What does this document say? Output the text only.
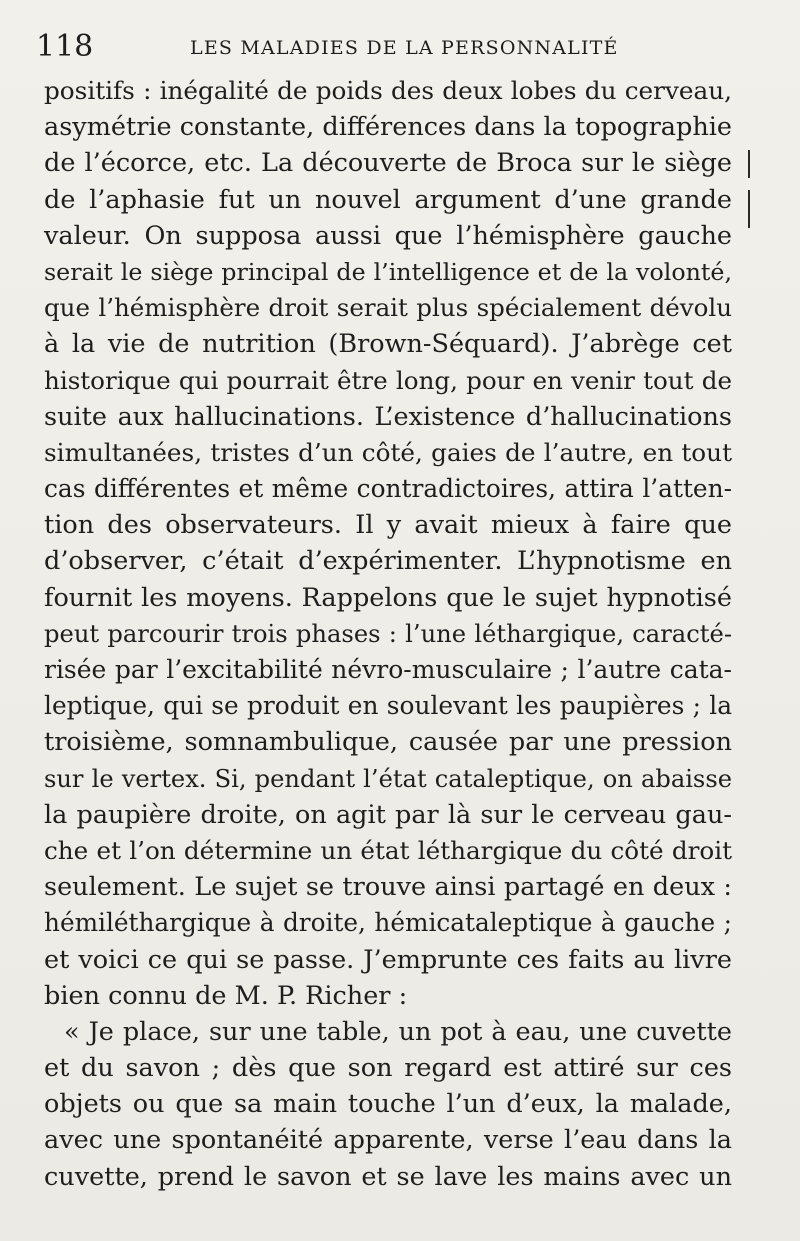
118	LES MALADIES DE LA PERSONNALITÉ
positifs : inégalité de poids des deux lobes du cerveau,
asymétrie constante, différences dans la topographie
de l’écorce, etc. La découverte de Broca sur le siège
de l’aphasie fut un nouvel argument d’une grande
valeur. On supposa aussi que l’hémisphère gauche
serait le siège principal de l’intelligence et de la volonté,
que l’hémisphère droit serait plus spécialement dévolu
à la vie de nutrition (Brown-Séquard). J’abrège cet
historique qui pourrait être long, pour en venir tout de
suite aux hallucinations. L’existence d’hallucinations
simultanées, tristes d’un côté, gaies de l’autre, en tout
cas différentes et même contradictoires, attira l’atten-
tion des observateurs. Il y avait mieux à faire que
d’observer, c’était d’expérimenter. L’hypnotisme en
fournit les moyens. Rappelons que le sujet hypnotisé
peut parcourir trois phases : l’une léthargique, caracté-
risée par l’excitabilité névro-musculaire ; l’autre cata-
leptique, qui se produit en soulevant les paupières ; la
troisième, somnambulique, causée par une pression
sur le vertex. Si, pendant l’état cataleptique, on abaisse
la paupière droite, on agit par là sur le cerveau gau-
che et l’on détermine un état léthargique du côté droit
seulement. Le sujet se trouve ainsi partagé en deux :
hémiléthargique à droite, hémicataleptique à gauche ;
et voici ce qui se passe. J’emprunte ces faits au livre
bien connu de M. P. Richer :
« Je place, sur une table, un pot à eau, une cuvette
et du savon ; dès que son regard est attiré sur ces
objets ou que sa main touche l’un d’eux, la malade,
avec une spontanéité apparente, verse l’eau dans la
cuvette, prend le savon et se lave les mains avec un
